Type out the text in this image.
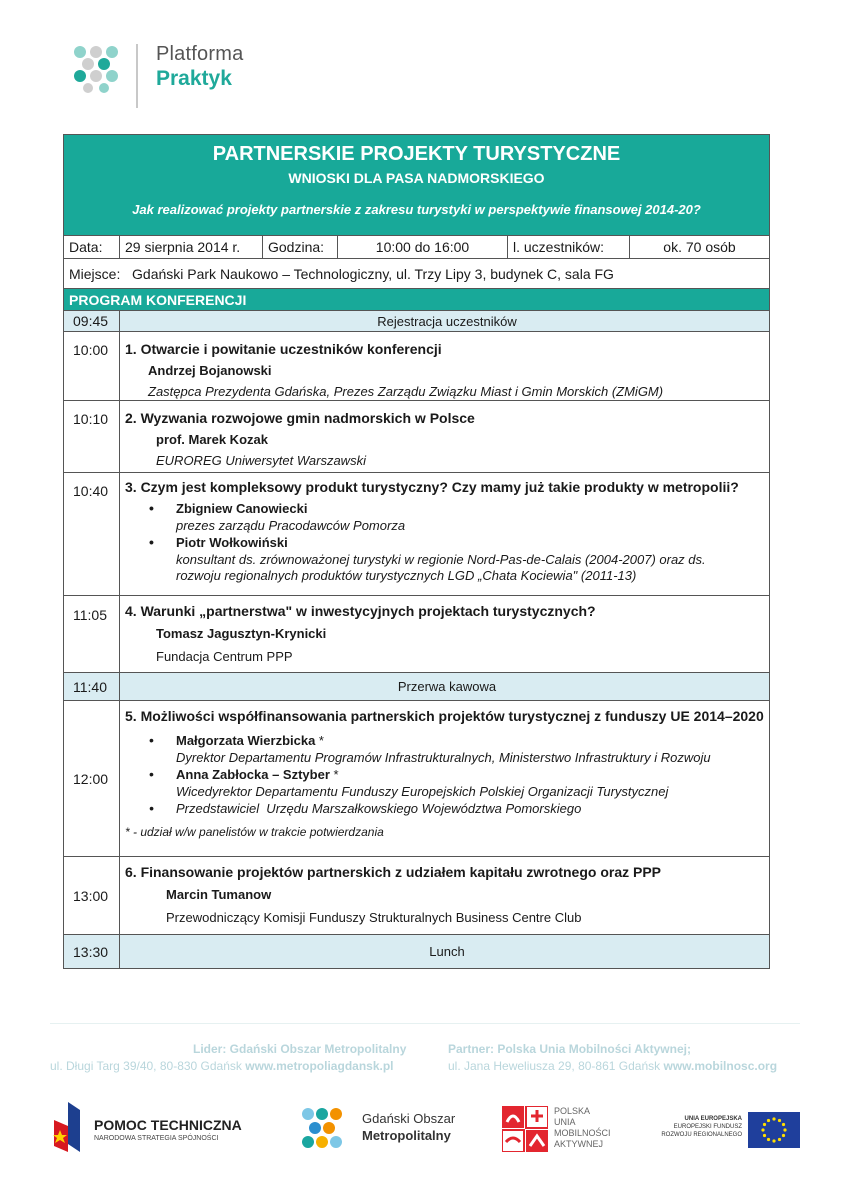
Platforma
Praktyk
PARTNERSKIE PROJEKTY TURYSTYCZNE
WNIOSKI DLA PASA NADMORSKIEGO
Jak realizować projekty partnerskie z zakresu turystyki w perspektywie finansowej 2014-20?
Data:	29 sierpnia 2014 r.	Godzina:	10:00 do 16:00	l. uczestników:	ok. 70 osób
Miejsce:   Gdański Park Naukowo – Technologiczny, ul. Trzy Lipy 3, budynek C, sala FG
PROGRAM KONFERENCJI
09:45	Rejestracja uczestników
10:00	1. Otwarcie i powitanie uczestników konferencji
Andrzej Bojanowski
Zastępca Prezydenta Gdańska, Prezes Zarządu Związku Miast i Gmin Morskich (ZMiGM)
10:10	2. Wyzwania rozwojowe gmin nadmorskich w Polsce
prof. Marek Kozak
EUROREG Uniwersytet Warszawski
10:40	3. Czym jest kompleksowy produkt turystyczny? Czy mamy już takie produkty w metropolii?
• Zbigniew Canowiecki
prezes zarządu Pracodawców Pomorza
• Piotr Wołkowiński
konsultant ds. zrównoważonej turystyki w regionie Nord-Pas-de-Calais (2004-2007) oraz ds.
rozwoju regionalnych produktów turystycznych LGD „Chata Kociewia" (2011-13)
11:05	4. Warunki „partnerstwa" w inwestycyjnych projektach turystycznych?
Tomasz Jagusztyn-Krynicki
Fundacja Centrum PPP
11:40	Przerwa kawowa
12:00
5. Możliwości współfinansowania partnerskich projektów turystycznej z funduszy UE 2014–2020
• Małgorzata Wierzbicka *
Dyrektor Departamentu Programów Infrastrukturalnych, Ministerstwo Infrastruktury i Rozwoju
• Anna Zabłocka – Sztyber *
Wicedyrektor Departamentu Funduszy Europejskich Polskiej Organizacji Turystycznej
• Przedstawiciel  Urzędu Marszałkowskiego Województwa Pomorskiego
* - udział w/w panelistów w trakcie potwierdzania
13:00
6. Finansowanie projektów partnerskich z udziałem kapitału zwrotnego oraz PPP
Marcin Tumanow
Przewodniczący Komisji Funduszy Strukturalnych Business Centre Club
13:30	Lunch
Lider: Gdański Obszar Metropolitalny	Partner: Polska Unia Mobilności Aktywnej;
ul. Długi Targ 39/40, 80-830 Gdańsk www.metropoliagdansk.pl	ul. Jana Heweliusza 29, 80-861 Gdańsk www.mobilnosc.org
POMOC TECHNICZNA
NARODOWA STRATEGIA SPÓJNOŚCI
Gdański Obszar
Metropolitalny
POLSKA
UNIA
MOBILNOŚCI
AKTYWNEJ
UNIA EUROPEJSKA
EUROPEJSKI FUNDUSZ
ROZWOJU REGIONALNEGO
